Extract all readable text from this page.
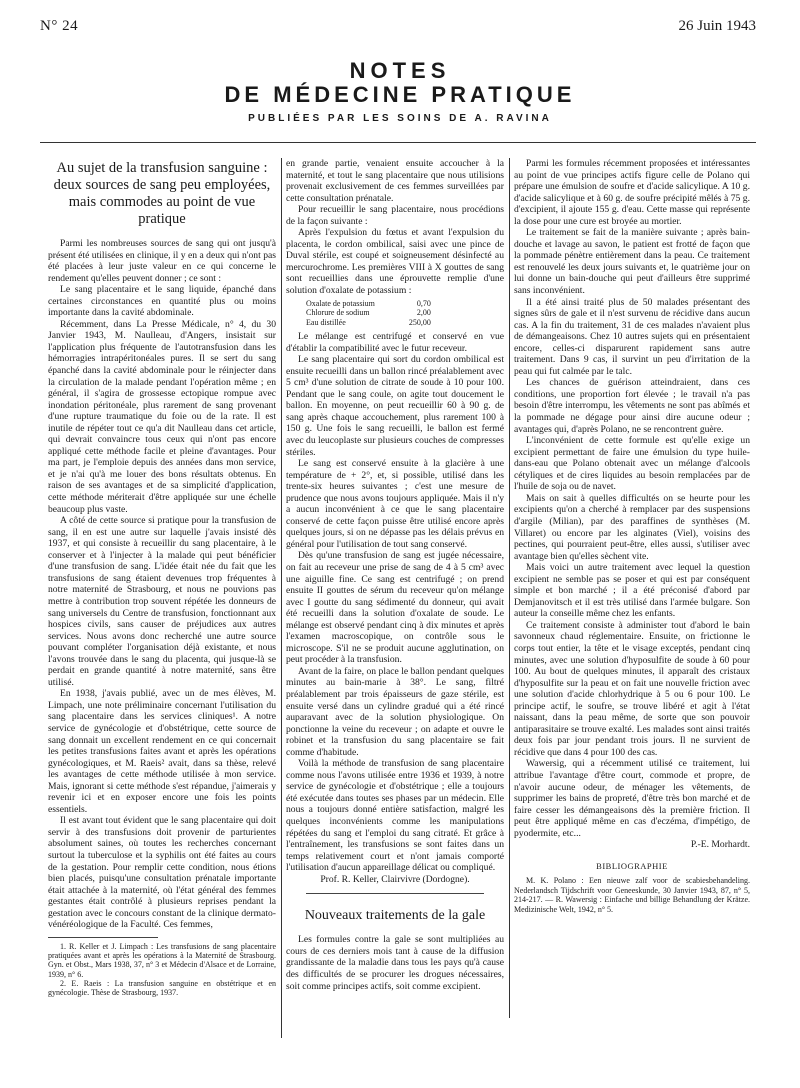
N° 24	26 Juin 1943
NOTES
DE MÉDECINE PRATIQUE
PUBLIÉES PAR LES SOINS DE A. RAVINA

Au sujet de la transfusion sanguine : deux sources de sang peu employées, mais commodes au point de vue pratique

Parmi les nombreuses sources de sang qui ont jusqu'à présent été utilisées en clinique, il y en a deux qui n'ont pas été placées à leur juste valeur en ce qui concerne le rendement qu'elles peuvent donner ; ce sont :

Le sang placentaire et le sang liquide, épanché dans certaines circonstances en quantité plus ou moins importante dans la cavité abdominale.

Récemment, dans La Presse Médicale, n° 4, du 30 Janvier 1943, M. Naulleau, d'Angers, insistait sur l'application plus fréquente de l'autotransfusion dans les hémorragies intrapéritonéales pures. Il se sert du sang épanché dans la cavité abdominale pour le réinjecter dans la circulation de la malade pendant l'opération même ; en général, il s'agira de grossesse ectopique rompue avec inondation péritonéale, plus rarement de sang provenant d'une rupture traumatique du foie ou de la rate. Il est inutile de répéter tout ce qu'a dit Naulleau dans cet article, qui devrait convaincre tous ceux qui n'ont pas encore appliqué cette méthode facile et pleine d'avantages. Pour ma part, je l'emploie depuis des années dans mon service, et je n'ai qu'à me louer des bons résultats obtenus. En raison de ses avantages et de sa simplicité d'application, cette méthode mériterait d'être appliquée sur une échelle beaucoup plus vaste.

A côté de cette source si pratique pour la transfusion de sang, il en est une autre sur laquelle j'avais insisté dès 1937, et qui consiste à recueillir du sang placentaire, à le conserver et à l'injecter à la malade qui peut bénéficier d'une transfusion de sang. L'idée était née du fait que les transfusions de sang étaient devenues trop fréquentes à notre maternité de Strasbourg, et nous ne pouvions pas mettre à contribution trop souvent répétée les donneurs de sang universels du Centre de transfusion, fonctionnant aux hospices civils, sans causer de préjudices aux autres services. Nous avons donc recherché une autre source pouvant compléter l'organisation déjà existante, et nous l'avons trouvée dans le sang du placenta, qui jusque-là se perdait en grande quantité à notre maternité, sans être utilisé.

En 1938, j'avais publié, avec un de mes élèves, M. Limpach, une note préliminaire concernant l'utilisation du sang placentaire dans les services cliniques¹. A notre service de gynécologie et d'obstétrique, cette source de sang donnait un excellent rendement en ce qui concernait les petites transfusions faites avant et après les opérations gynécologiques, et M. Raeis² avait, dans sa thèse, relevé les avantages de cette méthode utilisée à mon service. Mais, ignorant si cette méthode s'est répandue, j'aimerais y revenir ici et en exposer encore une fois les points essentiels.

Il est avant tout évident que le sang placentaire qui doit servir à des transfusions doit provenir de parturientes absolument saines, où toutes les recherches concernant surtout la tuberculose et la syphilis ont été faites au cours de la gestation. Pour remplir cette condition, nous étions bien placés, puisqu'une consultation prénatale importante était attachée à la maternité, où l'état général des femmes gestantes était contrôlé à plusieurs reprises pendant la gestation avec le concours constant de la clinique dermato-vénéréologique de la Faculté. Ces femmes,

1. R. Keller et J. Limpach : Les transfusions de sang placentaire pratiquées avant et après les opérations à la Maternité de Strasbourg. Gyn. et Obst., Mars 1938, 37, n° 3 et Médecin d'Alsace et de Lorraine, 1939, n° 6.

2. E. Raeis : La transfusion sanguine en obstétrique et en gynécologie. Thèse de Strasbourg, 1937.

en grande partie, venaient ensuite accoucher à la maternité, et tout le sang placentaire que nous utilisions provenait exclusivement de ces femmes surveillées par cette consultation prénatale.

Pour recueillir le sang placentaire, nous procédions de la façon suivante :

Après l'expulsion du fœtus et avant l'expulsion du placenta, le cordon ombilical, saisi avec une pince de Duval stérile, est coupé et soigneusement désinfecté au mercurochrome. Les premières VIII à X gouttes de sang sont recueillies dans une éprouvette remplie d'une solution d'oxalate de potassium :

Oxalate de potassium	0,70
Chlorure de sodium	2,00
Eau distillée	250,00

Le mélange est centrifugé et conservé en vue d'établir la compatibilité avec le futur receveur.

Le sang placentaire qui sort du cordon ombilical est ensuite recueilli dans un ballon rincé préalablement avec 5 cm³ d'une solution de citrate de soude à 10 pour 100. Pendant que le sang coule, on agite tout doucement le ballon. En moyenne, on peut recueillir 60 à 90 g. de sang après chaque accouchement, plus rarement 100 à 150 g. Une fois le sang recueilli, le ballon est fermé avec du leucoplaste sur plusieurs couches de compresses stériles.

Le sang est conservé ensuite à la glacière à une température de + 2°, et, si possible, utilisé dans les trente-six heures suivantes ; c'est une mesure de prudence que nous avons toujours appliquée. Mais il n'y a aucun inconvénient à ce que le sang placentaire conservé de cette façon puisse être utilisé encore après quelques jours, si on ne dépasse pas les délais prévus en général pour l'utilisation de tout sang conservé.

Dès qu'une transfusion de sang est jugée nécessaire, on fait au receveur une prise de sang de 4 à 5 cm³ avec une aiguille fine. Ce sang est centrifugé ; on prend ensuite II gouttes de sérum du receveur qu'on mélange avec I goutte du sang sédimenté du donneur, qui avait été recueilli dans la solution d'oxalate de soude. Le mélange est observé pendant cinq à dix minutes et après l'examen macroscopique, on contrôle sous le microscope. S'il ne se produit aucune agglutination, on peut procéder à la transfusion.

Avant de la faire, on place le ballon pendant quelques minutes au bain-marie à 38°. Le sang, filtré préalablement par trois épaisseurs de gaze stérile, est ensuite versé dans un cylindre gradué qui a été rincé auparavant avec de la solution physiologique. On ponctionne la veine du receveur ; on adapte et ouvre le robinet et la transfusion du sang placentaire se fait comme d'habitude.

Voilà la méthode de transfusion de sang placentaire comme nous l'avons utilisée entre 1936 et 1939, à notre service de gynécologie et d'obstétrique ; elle a toujours été exécutée dans toutes ses phases par un médecin. Elle nous a toujours donné entière satisfaction, malgré les quelques inconvénients comme les manipulations répétées du sang et l'emploi du sang citraté. Et grâce à l'entraînement, les transfusions se sont faites dans un temps relativement court et n'ont jamais comporté l'utilisation d'aucun appareillage délicat ou compliqué.

Prof. R. Keller, Clairvivre (Dordogne).

Nouveaux traitements de la gale

Les formules contre la gale se sont multipliées au cours de ces derniers mois tant à cause de la diffusion grandissante de la maladie dans tous les pays qu'à cause des difficultés de se procurer les drogues nécessaires, soit comme principes actifs, soit comme excipient.

Parmi les formules récemment proposées et intéressantes au point de vue principes actifs figure celle de Polano qui prépare une émulsion de soufre et d'acide salicylique. A 10 g. d'acide salicylique et à 60 g. de soufre précipité mêlés à 75 g. d'excipient, il ajoute 155 g. d'eau. Cette masse qui représente la dose pour une cure est broyée au mortier.

Le traitement se fait de la manière suivante ; après bain-douche et lavage au savon, le patient est frotté de façon que la pommade pénètre entièrement dans la peau. Ce traitement est renouvelé les deux jours suivants et, le quatrième jour on lui donne un bain-douche qui peut d'ailleurs être supprimé sans inconvénient.

Il a été ainsi traité plus de 50 malades présentant des signes sûrs de gale et il n'est survenu de récidive dans aucun cas. A la fin du traitement, 31 de ces malades n'avaient plus de démangeaisons. Chez 10 autres sujets qui en présentaient encore, celles-ci disparurent rapidement sans autre traitement. Dans 9 cas, il survint un peu d'irritation de la peau qui fut calmée par le talc.

Les chances de guérison atteindraient, dans ces conditions, une proportion fort élevée ; le travail n'a pas besoin d'être interrompu, les vêtements ne sont pas abîmés et la pommade ne dégage pour ainsi dire aucune odeur ; avantages qui, d'après Polano, ne se rencontrent guère.

L'inconvénient de cette formule est qu'elle exige un excipient permettant de faire une émulsion du type huile-dans-eau que Polano obtenait avec un mélange d'alcools cétyliques et de cires liquides au besoin remplacées par de l'huile de soja ou de navet.

Mais on sait à quelles difficultés on se heurte pour les excipients qu'on a cherché à remplacer par des suspensions d'argile (Milian), par des paraffines de synthèses (M. Villaret) ou encore par les alginates (Viel), voisins des pectines, qui pourraient peut-être, elles aussi, s'utiliser avec avantage bien qu'elles sèchent vite.

Mais voici un autre traitement avec lequel la question excipient ne semble pas se poser et qui est par conséquent simple et bon marché ; il a été préconisé d'abord par Demjanovitsch et il est très utilisé dans l'armée bulgare. Son auteur la conseille même chez les enfants.

Ce traitement consiste à administer tout d'abord le bain savonneux chaud réglementaire. Ensuite, on frictionne le corps tout entier, la tête et le visage exceptés, pendant cinq minutes, avec une solution d'hyposulfite de soude à 60 pour 100. Au bout de quelques minutes, il apparaît des cristaux d'hyposulfite sur la peau et on fait une nouvelle friction avec une solution d'acide chlorhydrique à 5 ou 6 pour 100. Le principe actif, le soufre, se trouve libéré et agit à l'état naissant, dans la peau même, de sorte que son pouvoir antiparasitaire se trouve exalté. Les malades sont ainsi traités deux fois par jour pendant trois jours. Il ne survient de récidive que dans 4 pour 100 des cas.

Wawersig, qui a récemment utilisé ce traitement, lui attribue l'avantage d'être court, commode et propre, de n'avoir aucune odeur, de ménager les vêtements, de supprimer les bains de propreté, d'être très bon marché et de faire cesser les démangeaisons dès la première friction. Il peut être appliqué même en cas d'eczéma, d'impétigo, de pyodermite, etc...

P.-E. Morhardt.

BIBLIOGRAPHIE

M. K. Polano : Een nieuwe zalf voor de scabiesbehandeling. Nederlandsch Tijdschrift voor Geneeskunde, 30 Janvier 1943, 87, n° 5, 214-217. — R. Wawersig : Einfache und billige Behandlung der Krätze. Medizinische Welt, 1942, n° 5.
